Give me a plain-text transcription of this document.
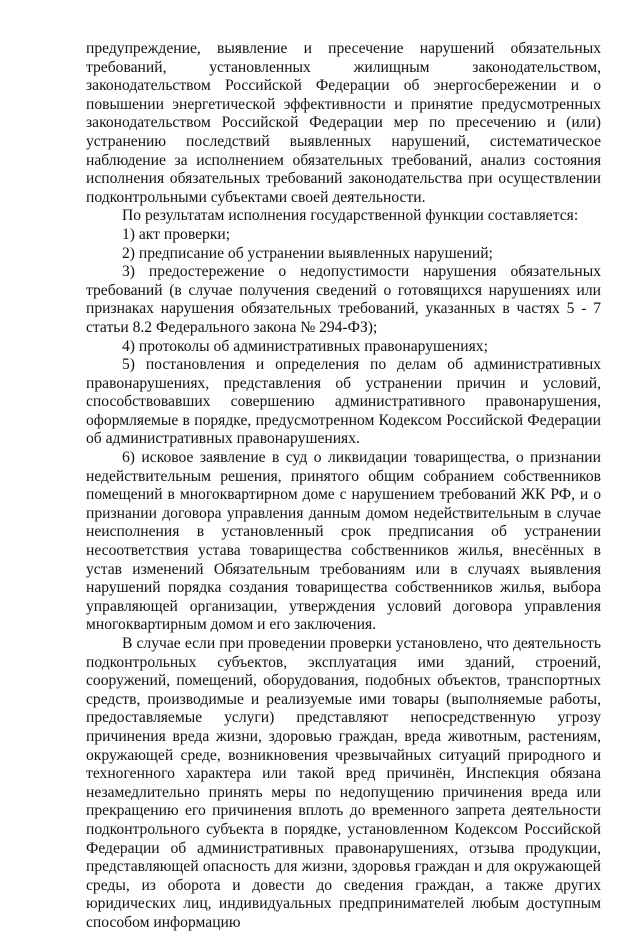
предупреждение, выявление и пресечение нарушений обязательных требований, установленных жилищным законодательством, законодательством Российской Федерации об энергосбережении и о повышении энергетической эффективности и принятие предусмотренных законодательством Российской Федерации мер по пресечению и (или) устранению последствий выявленных нарушений, систематическое наблюдение за исполнением обязательных требований, анализ состояния исполнения обязательных требований законодательства при осуществлении подконтрольными субъектами своей деятельности.

По результатам исполнения государственной функции составляется:

1) акт проверки;

2) предписание об устранении выявленных нарушений;

3) предостережение о недопустимости нарушения обязательных требований (в случае получения сведений о готовящихся нарушениях или признаках нарушения обязательных требований, указанных в частях 5 - 7 статьи 8.2 Федерального закона № 294-ФЗ);

4) протоколы об административных правонарушениях;

5) постановления и определения по делам об административных правонарушениях, представления об устранении причин и условий, способствовавших совершению административного правонарушения, оформляемые в порядке, предусмотренном Кодексом Российской Федерации об административных правонарушениях.

6) исковое заявление в суд о ликвидации товарищества, о признании недействительным решения, принятого общим собранием собственников помещений в многоквартирном доме с нарушением требований ЖК РФ, и о признании договора управления данным домом недействительным в случае неисполнения в установленный срок предписания об устранении несоответствия устава товарищества собственников жилья, внесённых в устав изменений Обязательным требованиям или в случаях выявления нарушений порядка создания товарищества собственников жилья, выбора управляющей организации, утверждения условий договора управления многоквартирным домом и его заключения.

В случае если при проведении проверки установлено, что деятельность подконтрольных субъектов, эксплуатация ими зданий, строений, сооружений, помещений, оборудования, подобных объектов, транспортных средств, производимые и реализуемые ими товары (выполняемые работы, предоставляемые услуги) представляют непосредственную угрозу причинения вреда жизни, здоровью граждан, вреда животным, растениям, окружающей среде, возникновения чрезвычайных ситуаций природного и техногенного характера или такой вред причинён, Инспекция обязана незамедлительно принять меры по недопущению причинения вреда или прекращению его причинения вплоть до временного запрета деятельности подконтрольного субъекта в порядке, установленном Кодексом Российской Федерации об административных правонарушениях, отзыва продукции, представляющей опасность для жизни, здоровья граждан и для окружающей среды, из оборота и довести до сведения граждан, а также других юридических лиц, индивидуальных предпринимателей любым доступным способом информацию
